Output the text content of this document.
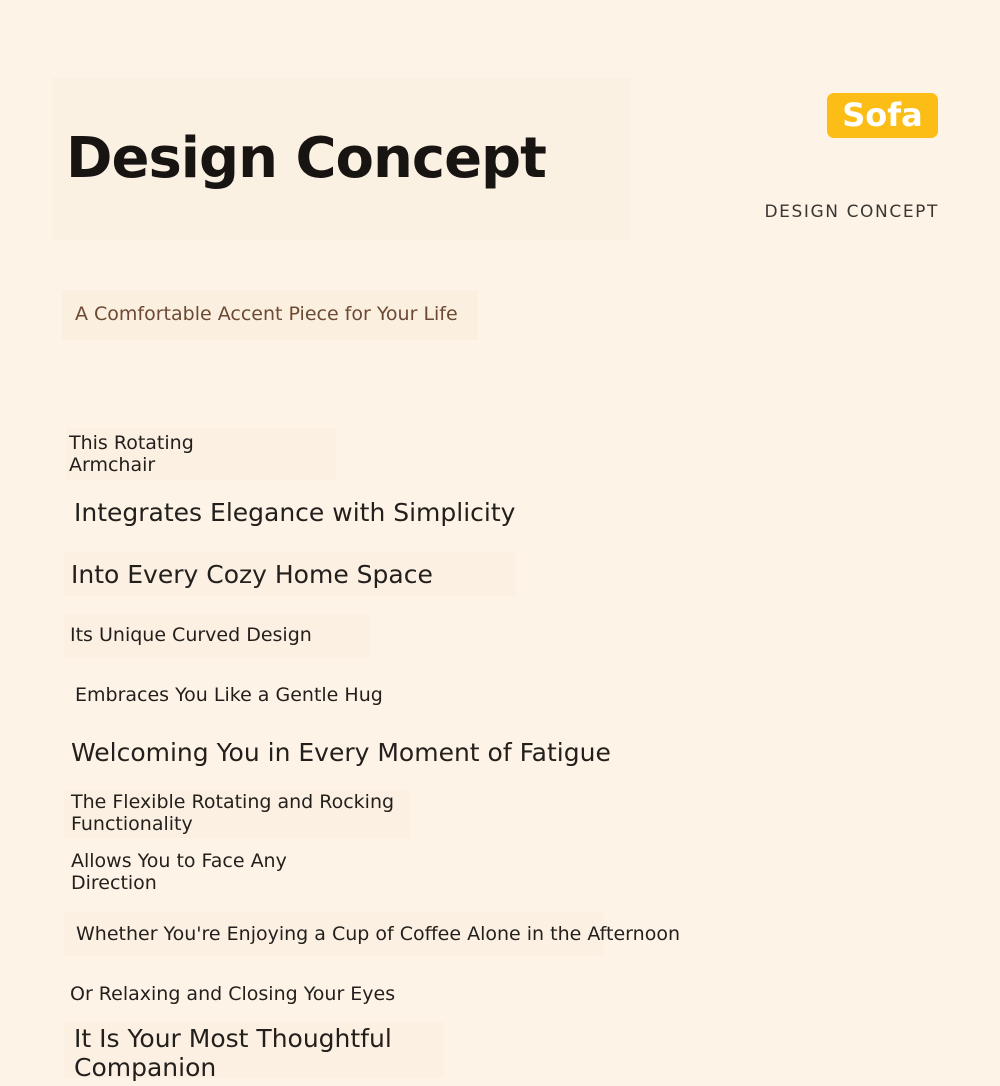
Design Concept
Sofa
DESIGN CONCEPT
A Comfortable Accent Piece for Your Life

This Rotating Armchair

Integrates Elegance with Simplicity

Into Every Cozy Home Space

Its Unique Curved Design

Embraces You Like a Gentle Hug

Welcoming You in Every Moment of Fatigue

The Flexible Rotating and Rocking Functionality

Allows You to Face Any Direction

Whether You're Enjoying a Cup of Coffee Alone in the Afternoon

Or Relaxing and Closing Your Eyes

It Is Your Most Thoughtful Companion
